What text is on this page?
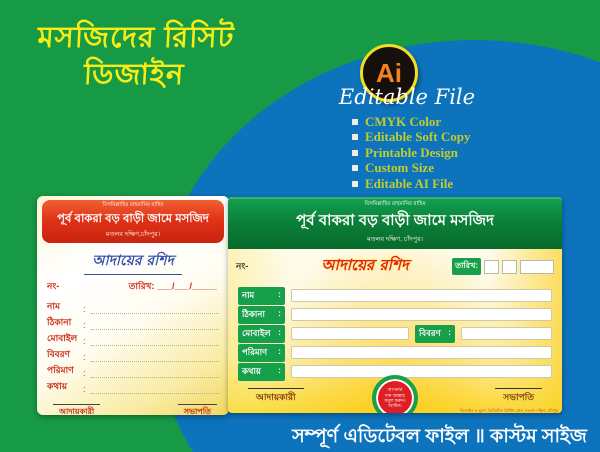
মসজিদের রিসিট
ডিজাইন	Ai
Editable File
CMYK Color
Editable Soft Copy
Printable Design
Custom Size
Editable AI File
বিসমিল্লাহির রাহমানির রাহিম
পূর্ব বাকরা বড় বাড়ী জামে মসজিদ
মতলব দক্ষিণ,চাঁদপুর।
আদায়ের রশিদ
নং-	তারিখ: ___/___/_____
নাম	:
ঠিকানা	:
মোবাইল :
বিবরণ	:
পরিমাণ	:
কথায়	:
আদায়কারী	সভাপতি
বিসমিল্লাহির রাহমানির রাহিম
পূর্ব বাকরা বড় বাড়ী জামে মসজিদ
মতলব দক্ষিণ, চাঁদপুর।
নং-	আদায়ের রশিদ	তারিখ:
নাম	:
ঠিকানা :
মোবাইল :	বিবরণ :
পরিমাণ :
কথায় :
আদায়কারী
আপনার
দান আল্লাহ
কবুল করুন।
আমিন।
সভাপতি
ডিজাইন ও মুদ্রণ: ডিজিটাল প্রিন্টিং প্রেস, মতলব দক্ষিণ, চাঁদপুর
সম্পূর্ণ এডিটেবল ফাইল ॥ কাস্টম সাইজ
